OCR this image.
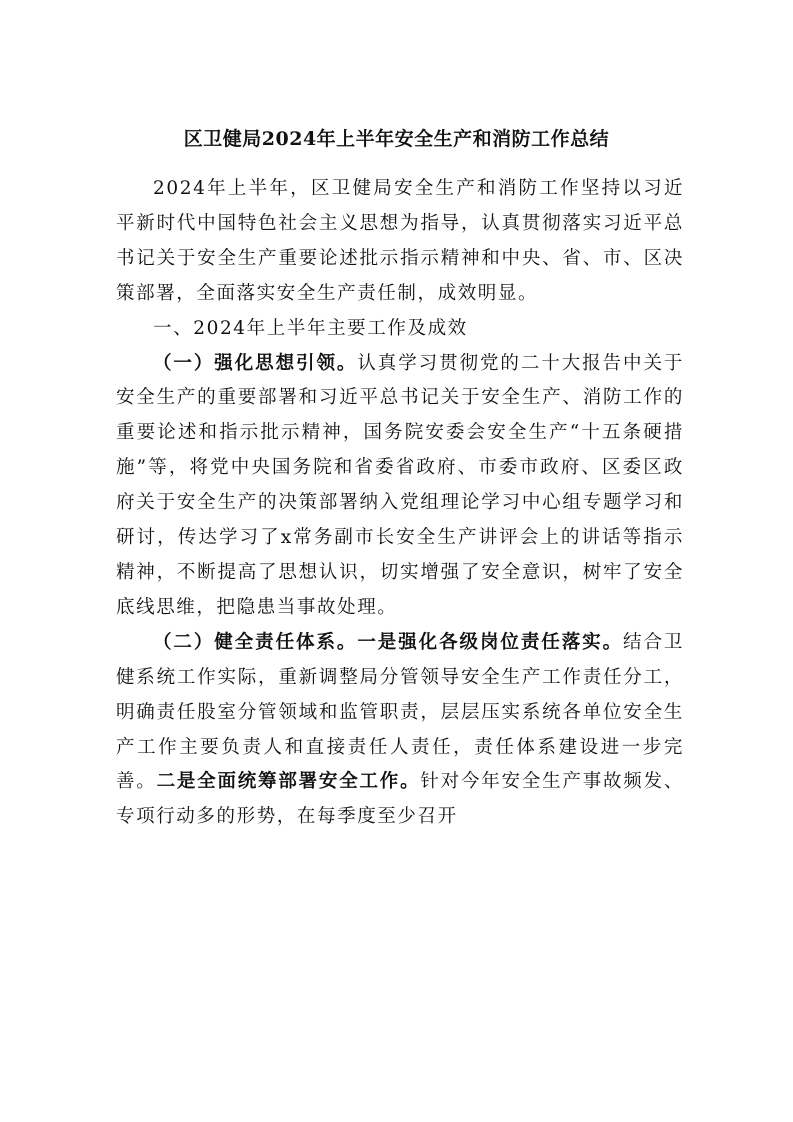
区卫健局2024年上半年安全生产和消防工作总结

2024年上半年，区卫健局安全生产和消防工作坚持以习近平新时代中国特色社会主义思想为指导，认真贯彻落实习近平总书记关于安全生产重要论述批示指示精神和中央、省、市、区决策部署，全面落实安全生产责任制，成效明显。

一、2024年上半年主要工作及成效

（一）强化思想引领。认真学习贯彻党的二十大报告中关于安全生产的重要部署和习近平总书记关于安全生产、消防工作的重要论述和指示批示精神，国务院安委会安全生产“十五条硬措施”等，将党中央国务院和省委省政府、市委市政府、区委区政府关于安全生产的决策部署纳入党组理论学习中心组专题学习和研讨，传达学习了x常务副市长安全生产讲评会上的讲话等指示精神，不断提高了思想认识，切实增强了安全意识，树牢了安全底线思维，把隐患当事故处理。

（二）健全责任体系。一是强化各级岗位责任落实。结合卫健系统工作实际，重新调整局分管领导安全生产工作责任分工，明确责任股室分管领域和监管职责，层层压实系统各单位安全生产工作主要负责人和直接责任人责任，责任体系建设进一步完善。二是全面统筹部署安全工作。针对今年安全生产事故频发、专项行动多的形势，在每季度至少召开
